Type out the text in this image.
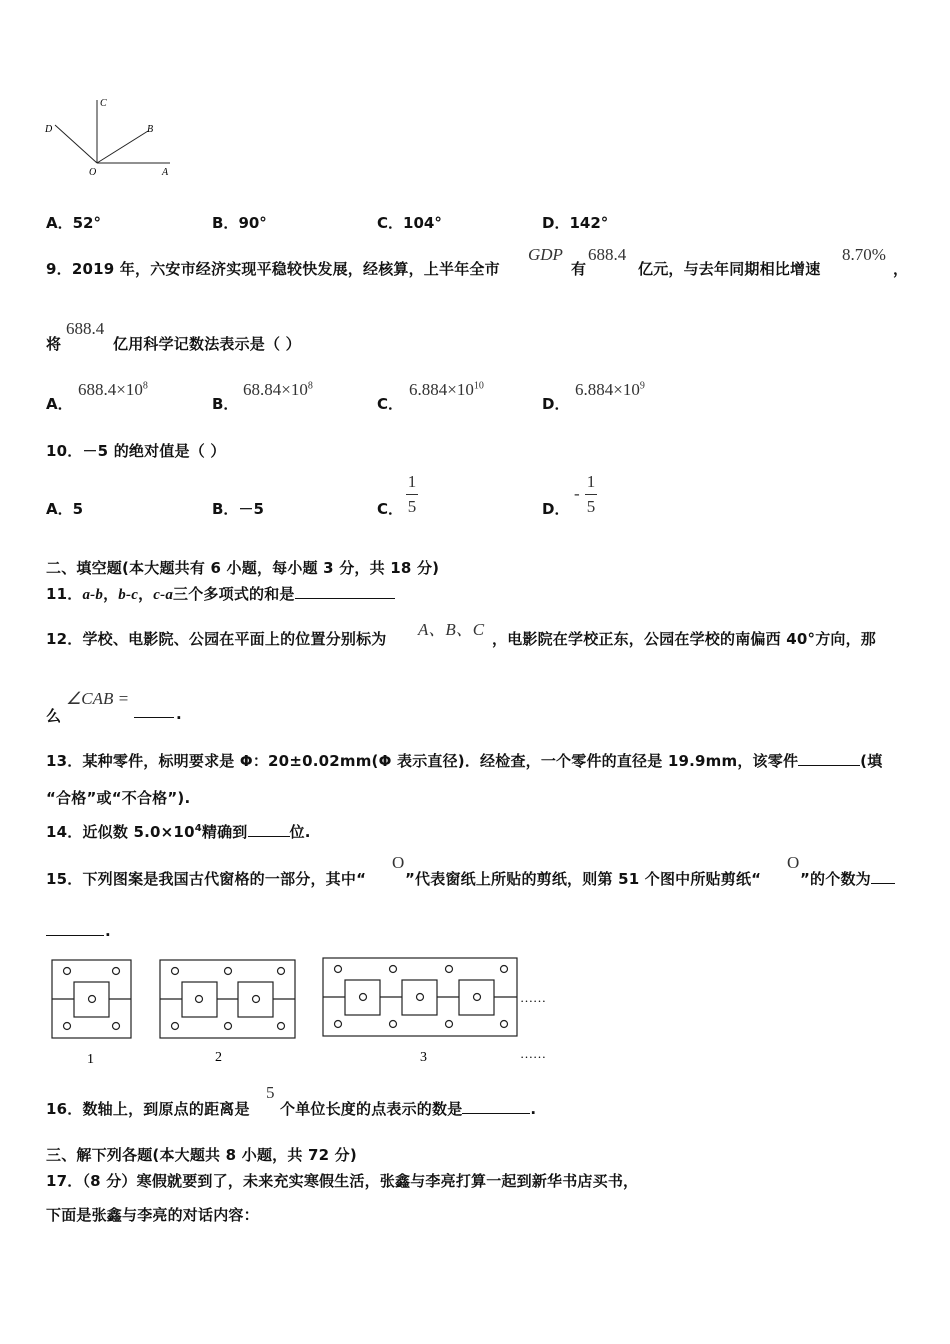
C
D	B
O	A
A．52°	B．90°	C．104°	D．142°
9．2019 年，六安市经济实现平稳较快发展，经核算，上半年全市
GDP
有
688.4
亿元，与去年同期相比增速
8.70%
，
将
688.4
亿用科学记数法表示是（ ）
A．
$688.4\times 10^8$
B．
$68.84\times 10^8$
C．
$6.884\times 10^{10}$
D．
$6.884\times 10^9$
10．－5 的绝对值是（ ）
A．5	B．－5	C．
1
5	D．
-
1
5
二、填空题(本大题共有 6 小题，每小题 3 分，共 18 分)
11．a-b，b-c，c-a三个多项式的和是
12．学校、电影院、公园在平面上的位置分别标为 A、B、C ，电影院在学校正东，公园在学校的南偏西 40°方向，那
么
∠CAB =
.
13．某种零件，标明要求是 Φ：20±0.02mm(Φ 表示直径)．经检查，一个零件的直径是 19.9mm，该零件	(填
“合格”或“不合格”).
14．近似数 $5.0\times 10^4$精确到	位.
15．下列图案是我国古代窗格的一部分，其中“
O
”代表窗纸上所贴的剪纸，则第 51 个图中所贴剪纸“
O
”的个数为
.
……
1	2	3	……
16．数轴上，到原点的距离是
5
个单位长度的点表示的数是	.
三、解下列各题(本大题共 8 小题，共 72 分)
17．（8 分）寒假就要到了，未来充实寒假生活，张鑫与李亮打算一起到新华书店买书，
下面是张鑫与李亮的对话内容：
